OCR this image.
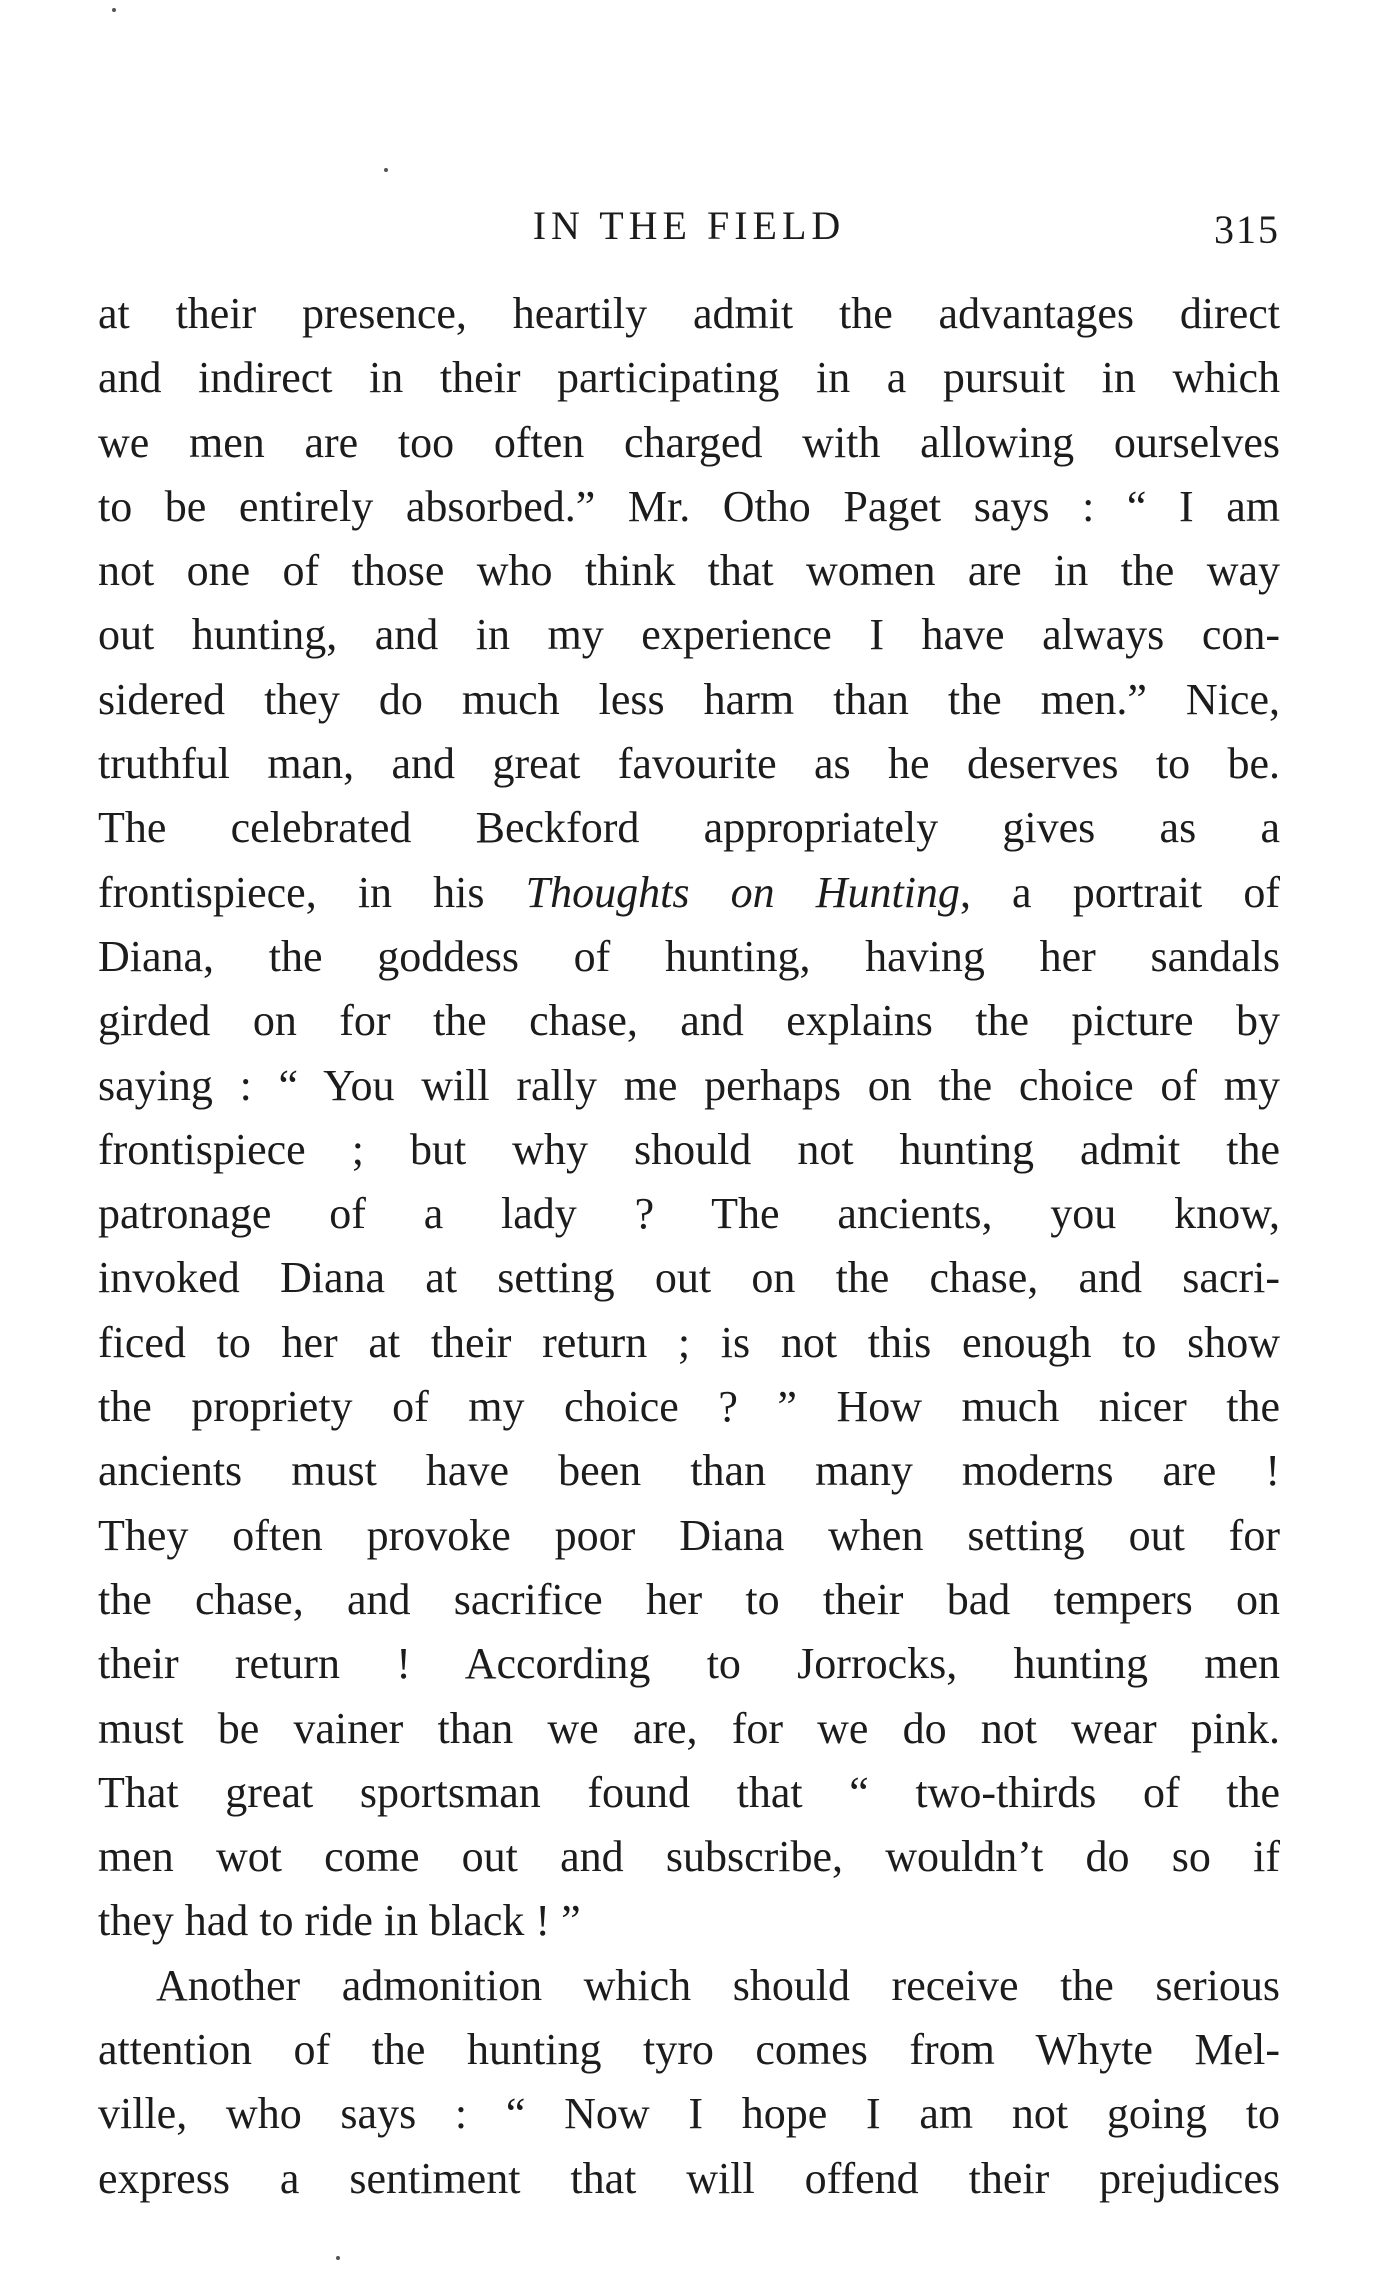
IN THE FIELD	315
at their presence, heartily admit the advantages direct
and indirect in their participating in a pursuit in which
we men are too often charged with allowing ourselves
to be entirely absorbed.” Mr. Otho Paget says : “ I am
not one of those who think that women are in the way
out hunting, and in my experience I have always con-
sidered they do much less harm than the men.” Nice,
truthful man, and great favourite as he deserves to be.
The celebrated Beckford appropriately gives as a
frontispiece, in his Thoughts on Hunting, a portrait of
Diana, the goddess of hunting, having her sandals
girded on for the chase, and explains the picture by
saying : “ You will rally me perhaps on the choice of my
frontispiece ; but why should not hunting admit the
patronage of a lady ? The ancients, you know,
invoked Diana at setting out on the chase, and sacri-
ficed to her at their return ; is not this enough to show
the propriety of my choice ? ” How much nicer the
ancients must have been than many moderns are !
They often provoke poor Diana when setting out for
the chase, and sacrifice her to their bad tempers on
their return ! According to Jorrocks, hunting men
must be vainer than we are, for we do not wear pink.
That great sportsman found that “ two-thirds of the
men wot come out and subscribe, wouldn’t do so if
they had to ride in black ! ”
Another admonition which should receive the serious
attention of the hunting tyro comes from Whyte Mel-
ville, who says : “ Now I hope I am not going to
express a sentiment that will offend their prejudices
